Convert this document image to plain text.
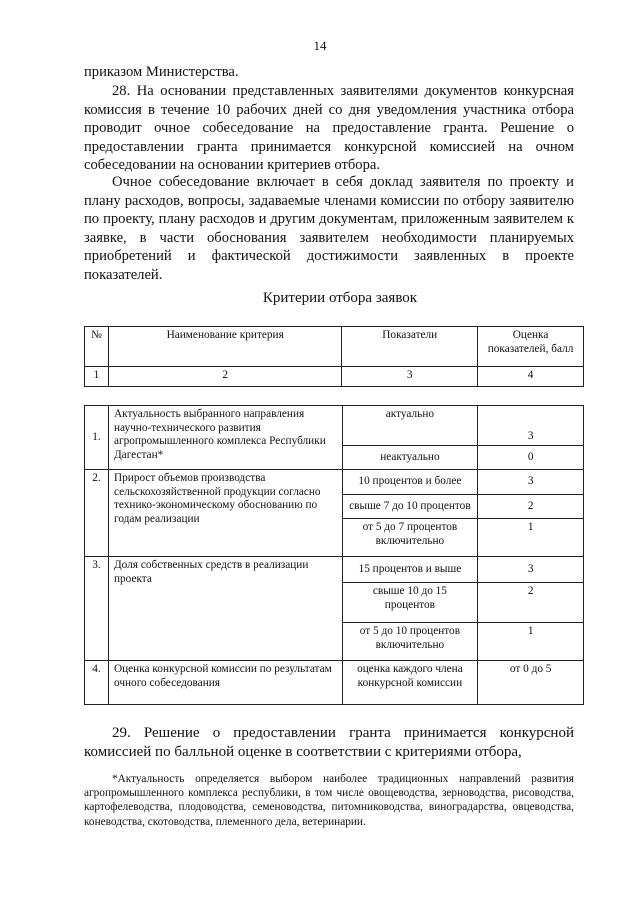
14

приказом Министерства.

28. На основании представленных заявителями документов конкурсная комиссия в течение 10 рабочих дней со дня уведомления участника отбора проводит очное собеседование на предоставление гранта. Решение о предоставлении гранта принимается конкурсной комиссией на очном собеседовании на основании критериев отбора.

Очное собеседование включает в себя доклад заявителя по проекту и плану расходов, вопросы, задаваемые членами комиссии по отбору заявителю по проекту, плану расходов и другим документам, приложенным заявителем к заявке, в части обоснования заявителем необходимости планируемых приобретений и фактической достижимости заявленных в проекте показателей.

Критерии отбора заявок
№	Наименование критерия	Показатели	Оценка показателей, балл
1	2	3	4
1.	Актуальность выбранного направления научно-технического развития агропромышленного комплекса Республики Дагестан*	актуально	3
		неактуально	0
2.	Прирост объемов производства сельскохозяйственной продукции согласно технико-экономическому обоснованию по годам реализации	10 процентов и более	3
		свыше 7 до 10 процентов	2
		от 5 до 7 процентов включительно	1
3.	Доля собственных средств в реализации проекта	15 процентов и выше	3
		свыше 10 до 15 процентов	2
		от 5 до 10 процентов включительно	1
4.	Оценка конкурсной комиссии по результатам очного собеседования	оценка каждого члена конкурсной комиссии	от 0 до 5

29. Решение о предоставлении гранта принимается конкурсной комиссией по балльной оценке в соответствии с критериями отбора,

*Актуальность определяется выбором наиболее традиционных направлений развития агропромышленного комплекса республики, в том числе овощеводства, зерноводства, рисоводства, картофелеводства, плодоводства, семеноводства, питомниководства, виноградарства, овцеводства, коневодства, скотоводства, племенного дела, ветеринарии.
